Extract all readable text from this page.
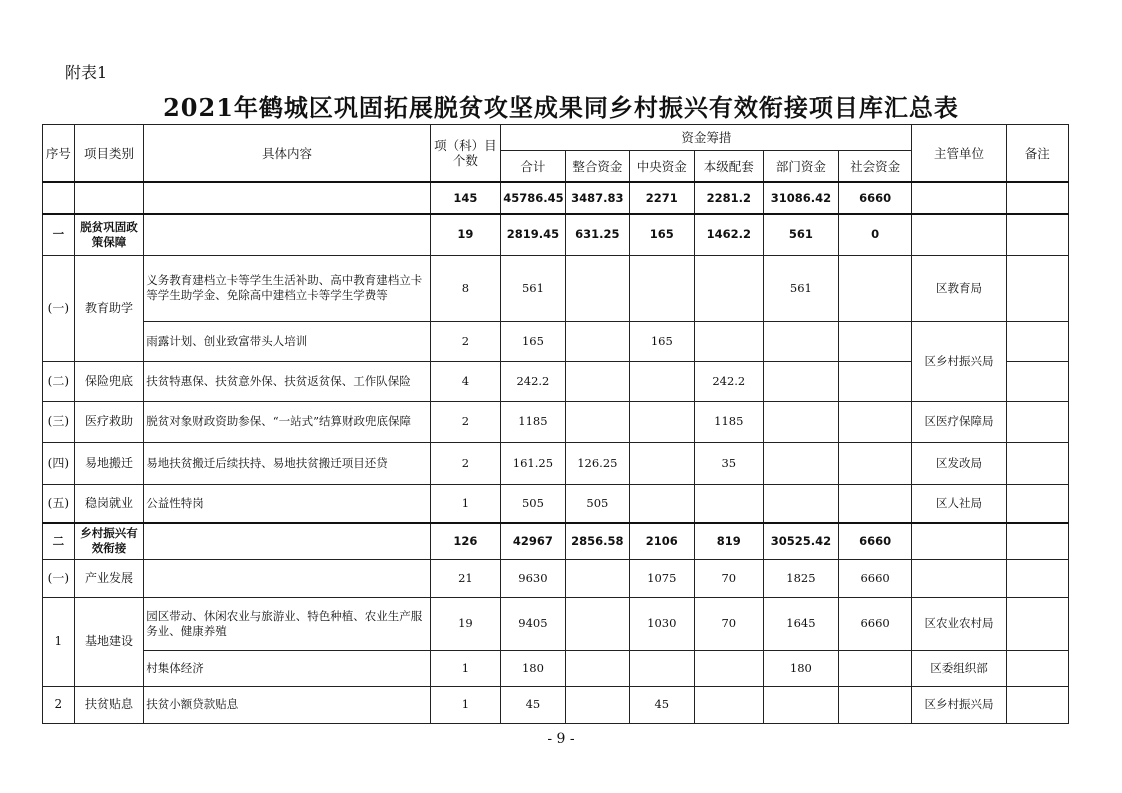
附表1
2021年鹤城区巩固拓展脱贫攻坚成果同乡村振兴有效衔接项目库汇总表
序号	项目类别	具体内容	项（科）目个数	资金筹措						主管单位	备注
				合计	整合资金	中央资金	本级配套	部门资金	社会资金		
			145	45786.45	3487.83	2271	2281.2	31086.42	6660		
一	脱贫巩固政策保障		19	2819.45	631.25	165	1462.2	561	0		
(一)	教育助学	义务教育建档立卡等学生生活补助、高中教育建档立卡等学生助学金、免除高中建档立卡等学生学费等	8	561				561		区教育局	
		雨露计划、创业致富带头人培训	2	165		165				区乡村振兴局	
(二)	保险兜底	扶贫特惠保、扶贫意外保、扶贫返贫保、工作队保险	4	242.2			242.2				
(三)	医疗救助	脱贫对象财政资助参保、“一站式”结算财政兜底保障	2	1185			1185			区医疗保障局	
(四)	易地搬迁	易地扶贫搬迁后续扶持、易地扶贫搬迁项目还贷	2	161.25	126.25		35			区发改局	
(五)	稳岗就业	公益性特岗	1	505	505					区人社局	
二	乡村振兴有效衔接		126	42967	2856.58	2106	819	30525.42	6660		
(一)	产业发展		21	9630		1075	70	1825	6660		
1	基地建设	园区带动、休闲农业与旅游业、特色种植、农业生产服务业、健康养殖	19	9405		1030	70	1645	6660	区农业农村局	
		村集体经济	1	180				180		区委组织部	
2	扶贫贴息	扶贫小额贷款贴息	1	45		45				区乡村振兴局	
- 9 -
